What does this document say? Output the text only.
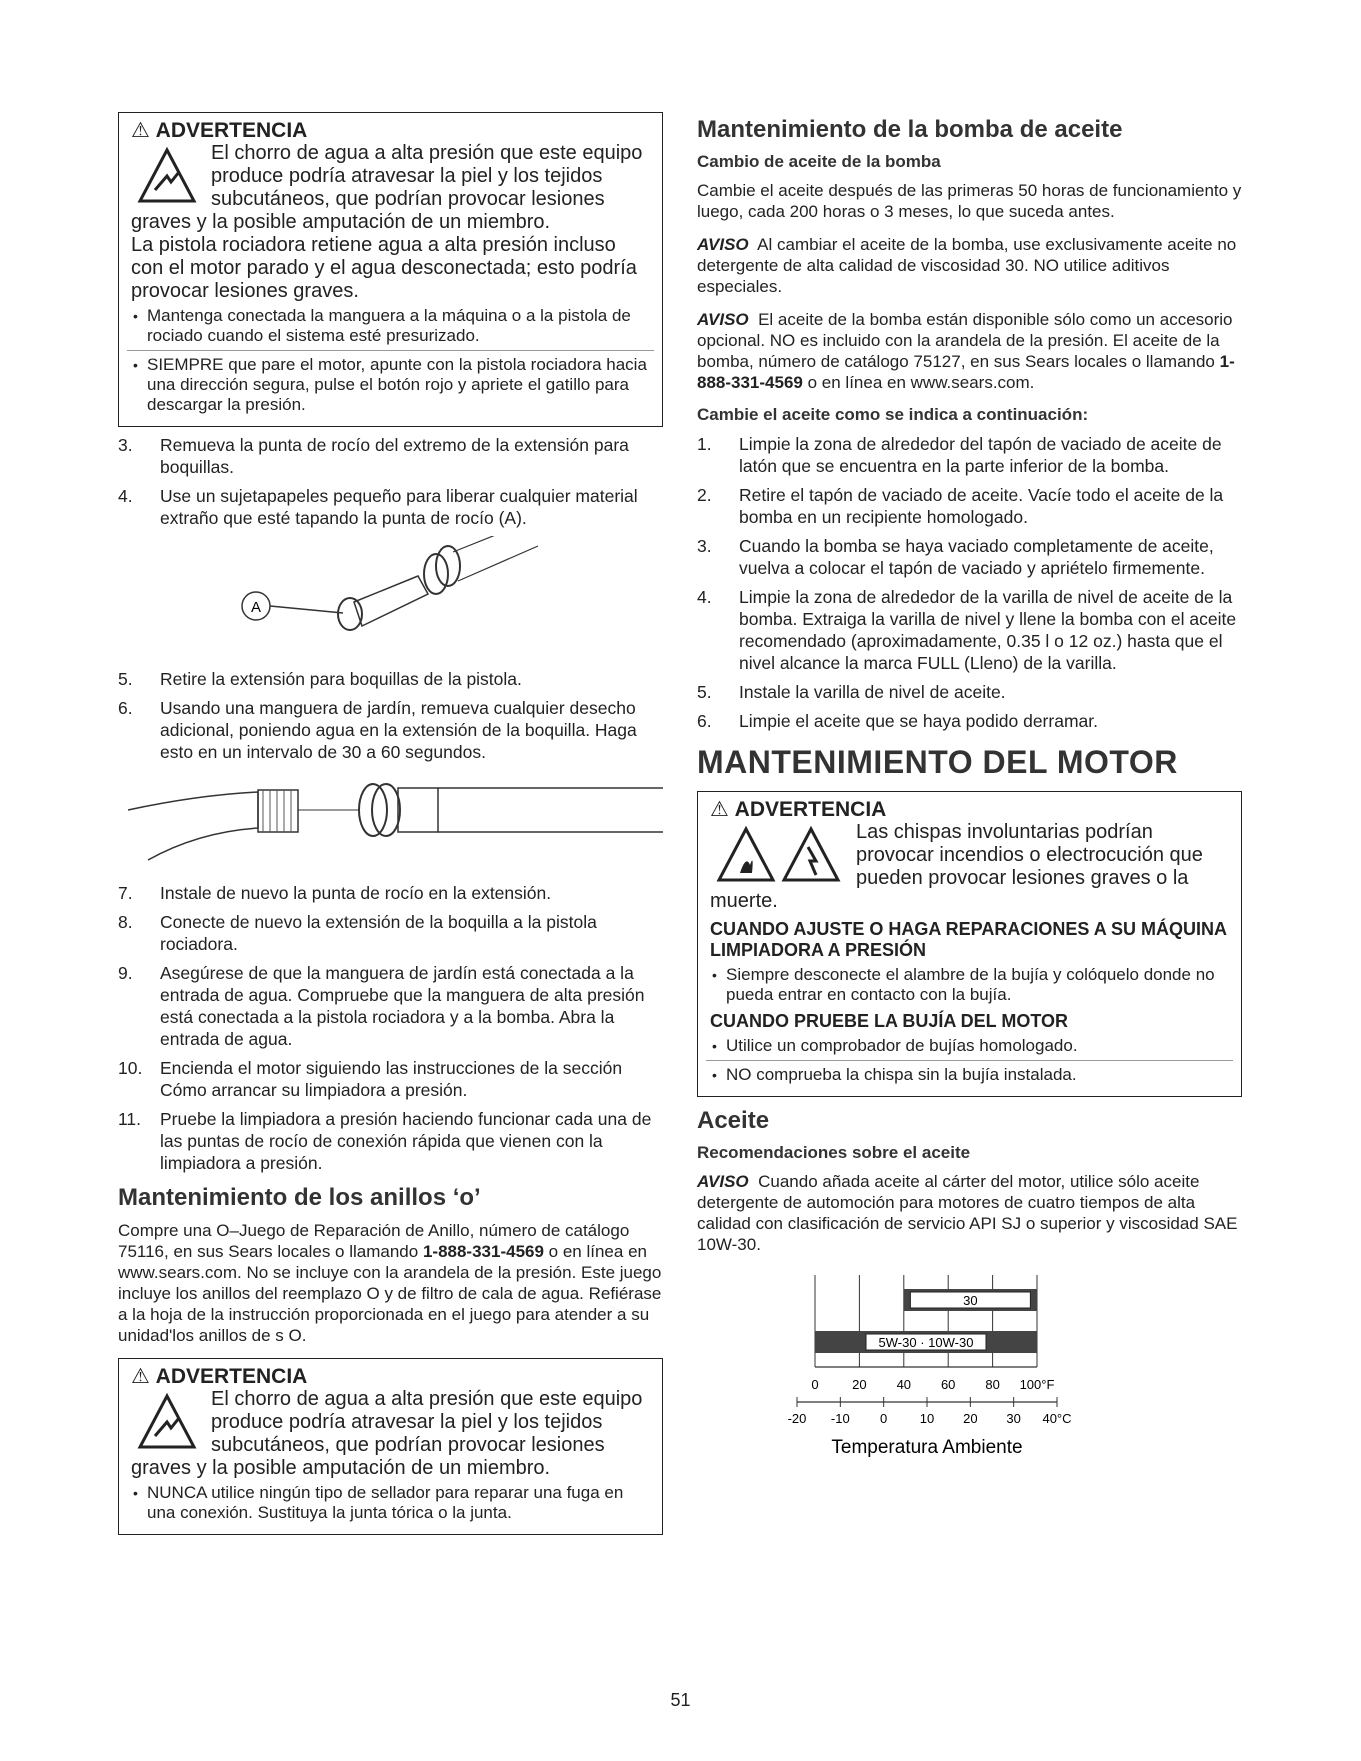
⚠ ADVERTENCIA
El chorro de agua a alta presión que este equipo produce podría atravesar la piel y los tejidos subcutáneos, que podrían provocar lesiones graves y la posible amputación de un miembro.
La pistola rociadora retiene agua a alta presión incluso con el motor parado y el agua desconectada; esto podría provocar lesiones graves.
• Mantenga conectada la manguera a la máquina o a la pistola de rociado cuando el sistema esté presurizado.
• SIEMPRE que pare el motor, apunte con la pistola rociadora hacia una dirección segura, pulse el botón rojo y apriete el gatillo para descargar la presión.
3.	Remueva la punta de rocío del extremo de la extensión para boquillas.
4.	Use un sujetapapeles pequeño para liberar cualquier material extraño que esté tapando la punta de rocío (A).
A
5.	Retire la extensión para boquillas de la pistola.
6.	Usando una manguera de jardín, remueva cualquier desecho adicional, poniendo agua en la extensión de la boquilla. Haga esto en un intervalo de 30 a 60 segundos.
7.	Instale de nuevo la punta de rocío en la extensión.
8.	Conecte de nuevo la extensión de la boquilla a la pistola rociadora.
9.	Asegúrese de que la manguera de jardín está conectada a la entrada de agua. Compruebe que la manguera de alta presión está conectada a la pistola rociadora y a la bomba. Abra la entrada de agua.
10.	Encienda el motor siguiendo las instrucciones de la sección Cómo arrancar su limpiadora a presión.
11.	Pruebe la limpiadora a presión haciendo funcionar cada una de las puntas de rocío de conexión rápida que vienen con la limpiadora a presión.
Mantenimiento de los anillos ‘o’

Compre una O–Juego de Reparación de Anillo, número de catálogo 75116, en sus Sears locales o llamando 1-888-331-4569 o en línea en www.sears.com. No se incluye con la arandela de la presión. Este juego incluye los anillos del reemplazo O y de filtro de cala de agua. Refiérase a la hoja de la instrucción proporcionada en el juego para atender a su unidad'los anillos de s O.

⚠ ADVERTENCIA
El chorro de agua a alta presión que este equipo produce podría atravesar la piel y los tejidos subcutáneos, que podrían provocar lesiones graves y la posible amputación de un miembro.
• NUNCA utilice ningún tipo de sellador para reparar una fuga en una conexión. Sustituya la junta tórica o la junta.
Mantenimiento de la bomba de aceite
Cambio de aceite de la bomba

Cambie el aceite después de las primeras 50 horas de funcionamiento y luego, cada 200 horas o 3 meses, lo que suceda antes.

AVISO Al cambiar el aceite de la bomba, use exclusivamente aceite no detergente de alta calidad de viscosidad 30. NO utilice aditivos especiales.

AVISO El aceite de la bomba están disponible sólo como un accesorio opcional. NO es incluido con la arandela de la presión. El aceite de la bomba, número de catálogo 75127, en sus Sears locales o llamando 1-888-331-4569 o en línea en www.sears.com.

Cambie el aceite como se indica a continuación:
1.	Limpie la zona de alrededor del tapón de vaciado de aceite de latón que se encuentra en la parte inferior de la bomba.
2.	Retire el tapón de vaciado de aceite. Vacíe todo el aceite de la bomba en un recipiente homologado.
3.	Cuando la bomba se haya vaciado completamente de aceite, vuelva a colocar el tapón de vaciado y apriételo firmemente.
4.	Limpie la zona de alrededor de la varilla de nivel de aceite de la bomba. Extraiga la varilla de nivel y llene la bomba con el aceite recomendado (aproximadamente, 0.35 l o 12 oz.) hasta que el nivel alcance la marca FULL (Lleno) de la varilla.
5.	Instale la varilla de nivel de aceite.
6.	Limpie el aceite que se haya podido derramar.
MANTENIMIENTO DEL MOTOR
⚠ ADVERTENCIA
Las chispas involuntarias podrían provocar incendios o electrocución que pueden provocar lesiones graves o la muerte.
CUANDO AJUSTE O HAGA REPARACIONES A SU MÁQUINA LIMPIADORA A PRESIÓN
• Siempre desconecte el alambre de la bujía y colóquelo donde no pueda entrar en contacto con la bujía.
CUANDO PRUEBE LA BUJÍA DEL MOTOR
• Utilice un comprobador de bujías homologado.
• NO comprueba la chispa sin la bujía instalada.
Aceite
Recomendaciones sobre el aceite

AVISO Cuando añada aceite al cárter del motor, utilice sólo aceite detergente de automoción para motores de cuatro tiempos de alta calidad con clasificación de servicio API SJ o superior y viscosidad SAE 10W-30.

30
5W-30 · 10W-30
0	20 40 60 80 100°F
-20 -10 0 10 20 30 40°C
Temperatura Ambiente
51
